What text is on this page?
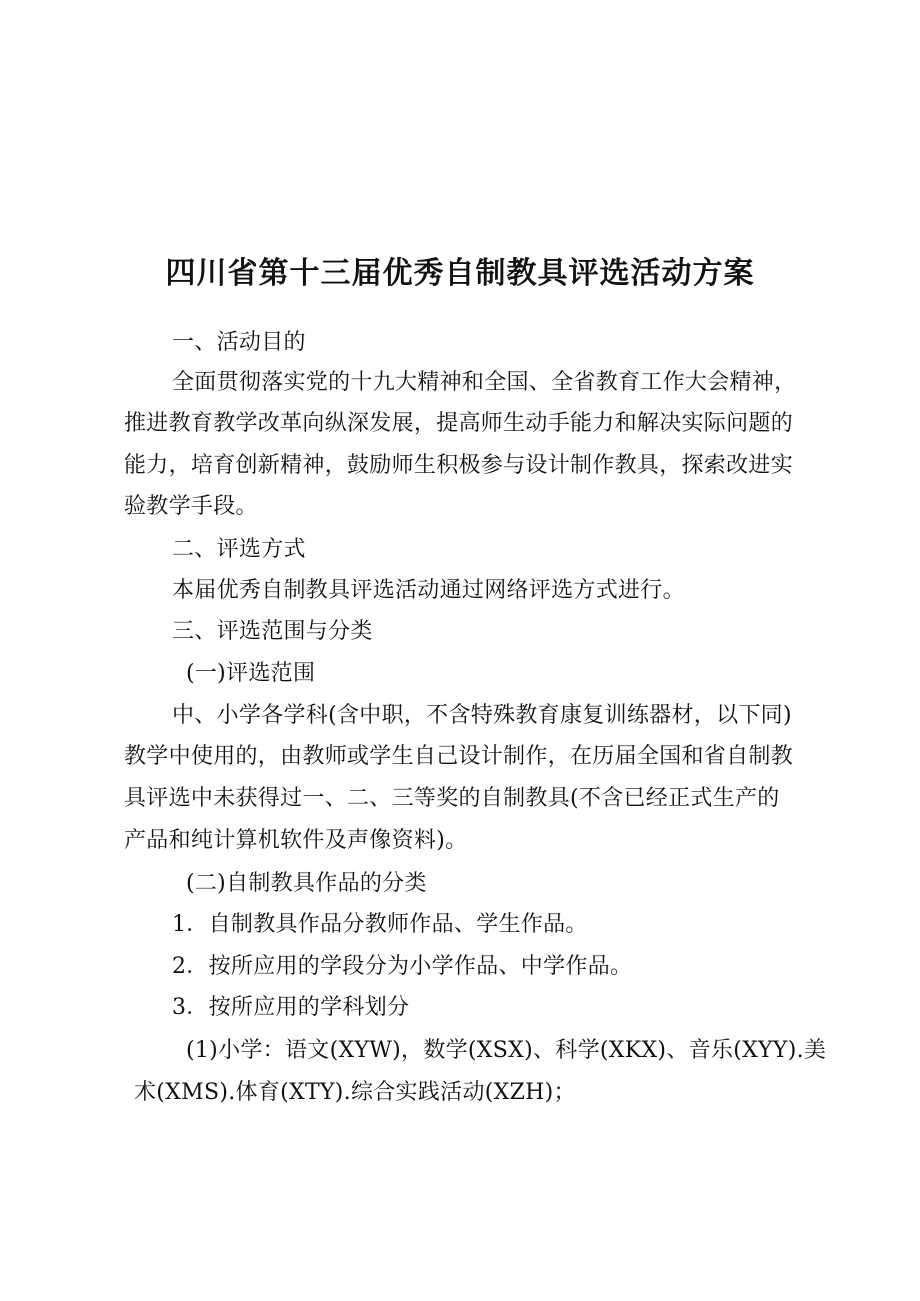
四川省第十三届优秀自制教具评选活动方案
一、活动目的
全面贯彻落实党的十九大精神和全国、全省教育工作大会精神，
推进教育教学改革向纵深发展，提高师生动手能力和解决实际问题的
能力，培育创新精神，鼓励师生积极参与设计制作教具，探索改进实
验教学手段。
二、评选方式
本届优秀自制教具评选活动通过网络评选方式进行。
三、评选范围与分类
(一)评选范围
中、小学各学科(含中职，不含特殊教育康复训练器材，以下同)
教学中使用的，由教师或学生自己设计制作，在历届全国和省自制教
具评选中未获得过一、二、三等奖的自制教具(不含已经正式生产的
产品和纯计算机软件及声像资料)。
(二)自制教具作品的分类
1．自制教具作品分教师作品、学生作品。
2．按所应用的学段分为小学作品、中学作品。
3．按所应用的学科划分
(1)小学：语文(XYW)，数学(XSX)、科学(XKX)、音乐(XYY).美
术(XMS).体育(XTY).综合实践活动(XZH)；
